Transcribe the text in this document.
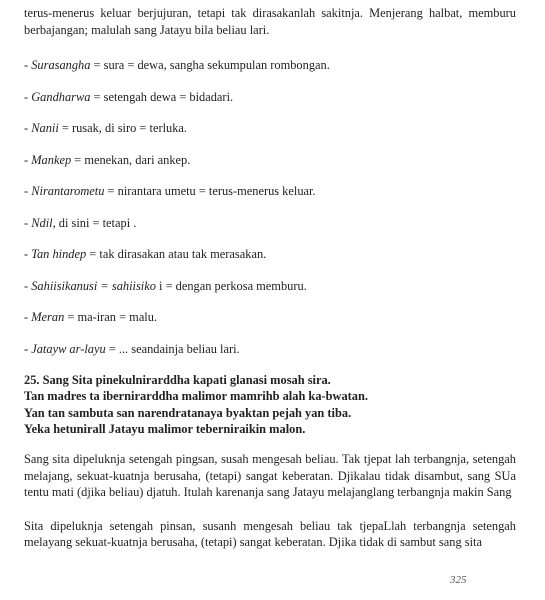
terus-menerus keluar berjujuran, tetapi tak dirasakanlah sakitnja. Menjerang halbat, memburu berbajangan; malulah sang Jatayu bila beliau lari.

- Surasangha = sura = dewa, sangha sekumpulan rombongan.

- Gandharwa = setengah dewa = bidadari.

- Nanii = rusak, di siro = terluka.

- Mankep = menekan, dari ankep.

- Nirantarometu = nirantara umetu = terus-menerus keluar.

- Ndil, di sini = tetapi .

- Tan hindep = tak dirasakan atau tak merasakan.

- Sahiisikanusi = sahiisiko i = dengan perkosa memburu.

- Meran = ma-iran = malu.

- Jatayw ar-layu = ... seandainja beliau lari.

25. Sang Sita pinekulnirarddha kapati glanasi mosah sira.
Tan madres ta ibernirarddha malimor mamrihb alah ka-bwatan.
Yan tan sambuta san narendratanaya byaktan pejah yan tiba.
Yeka hetunirall Jatayu malimor teberniraikin malon.

Sang sita dipeluknja setengah pingsan, susah mengesah beliau. Tak tjepat lah terbangnja, setengah melajang, sekuat-kuatnja berusaha, (tetapi) sangat keberatan. Djikalau tidak disambut, sang SUa tentu mati (djika beliau) djatuh. Itulah karenanja sang Jatayu melajanglang terbangnja makin Sang

Sita dipeluknja setengah pinsan, susanh mengesah beliau tak tjepaLlah terbangnja setengah melayang sekuat-kuatnja berusaha, (tetapi) sangat keberatan. Djika tidak di sambut sang sita

325
